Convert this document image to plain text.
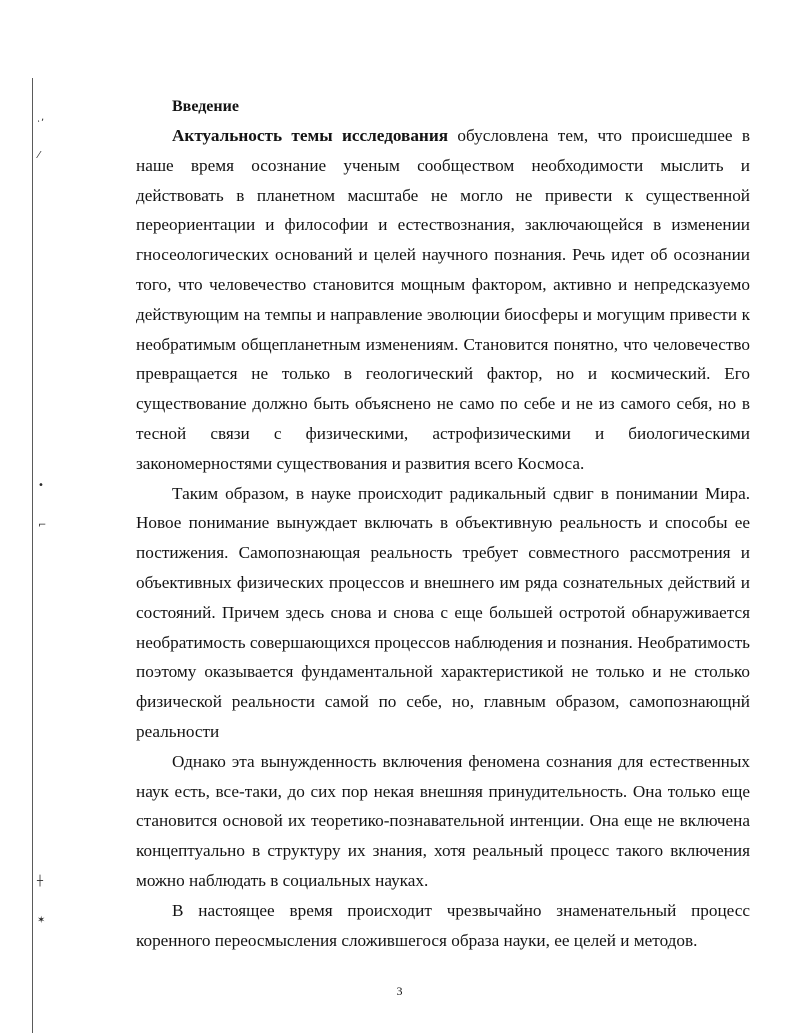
ͺ,
⁄
•
⌐
┼
✶
Введение

Актуальность темы исследования обусловлена тем, что происшедшее в наше время осознание ученым сообществом необходимости мыслить и действовать в планетном масштабе не могло не привести к существенной переориентации и философии и естествознания, заключающейся в изменении гносеологических оснований и целей научного познания. Речь идет об осознании того, что человечество становится мощным фактором, активно и непредсказуемо действующим на темпы и направление эволюции биосферы и могущим привести к необратимым общепланетным изменениям. Становится понятно, что человечество превращается не только в геологический фактор, но и космический. Его существование должно быть объяснено не само по себе и не из самого себя, но в тесной связи с физическими, астрофизическими и биологическими закономерностями существования и развития всего Космоса.

Таким образом, в науке происходит радикальный сдвиг в понимании Мира. Новое понимание вынуждает включать в объективную реальность и способы ее постижения. Самопознающая реальность требует совместного рассмотрения и объективных физических процессов и внешнего им ряда сознательных действий и состояний. Причем здесь снова и снова с еще большей остротой обнаруживается необратимость совершающихся процессов наблюдения и познания. Необратимость поэтому оказывается фундаментальной характеристикой не только и не столько физической реальности самой по себе, но, главным образом, самопознающнй реальности

Однако эта вынужденность включения феномена сознания для естественных наук есть, все-таки, до сих пор некая внешняя принудительность. Она только еще становится основой их теоретико-познавательной интенции. Она еще не включена концептуально в структуру их знания, хотя реальный процесс такого включения можно наблюдать в социальных науках.

В настоящее время происходит чрезвычайно знаменательный процесс коренного переосмысления сложившегося образа науки, ее целей и методов.

3
